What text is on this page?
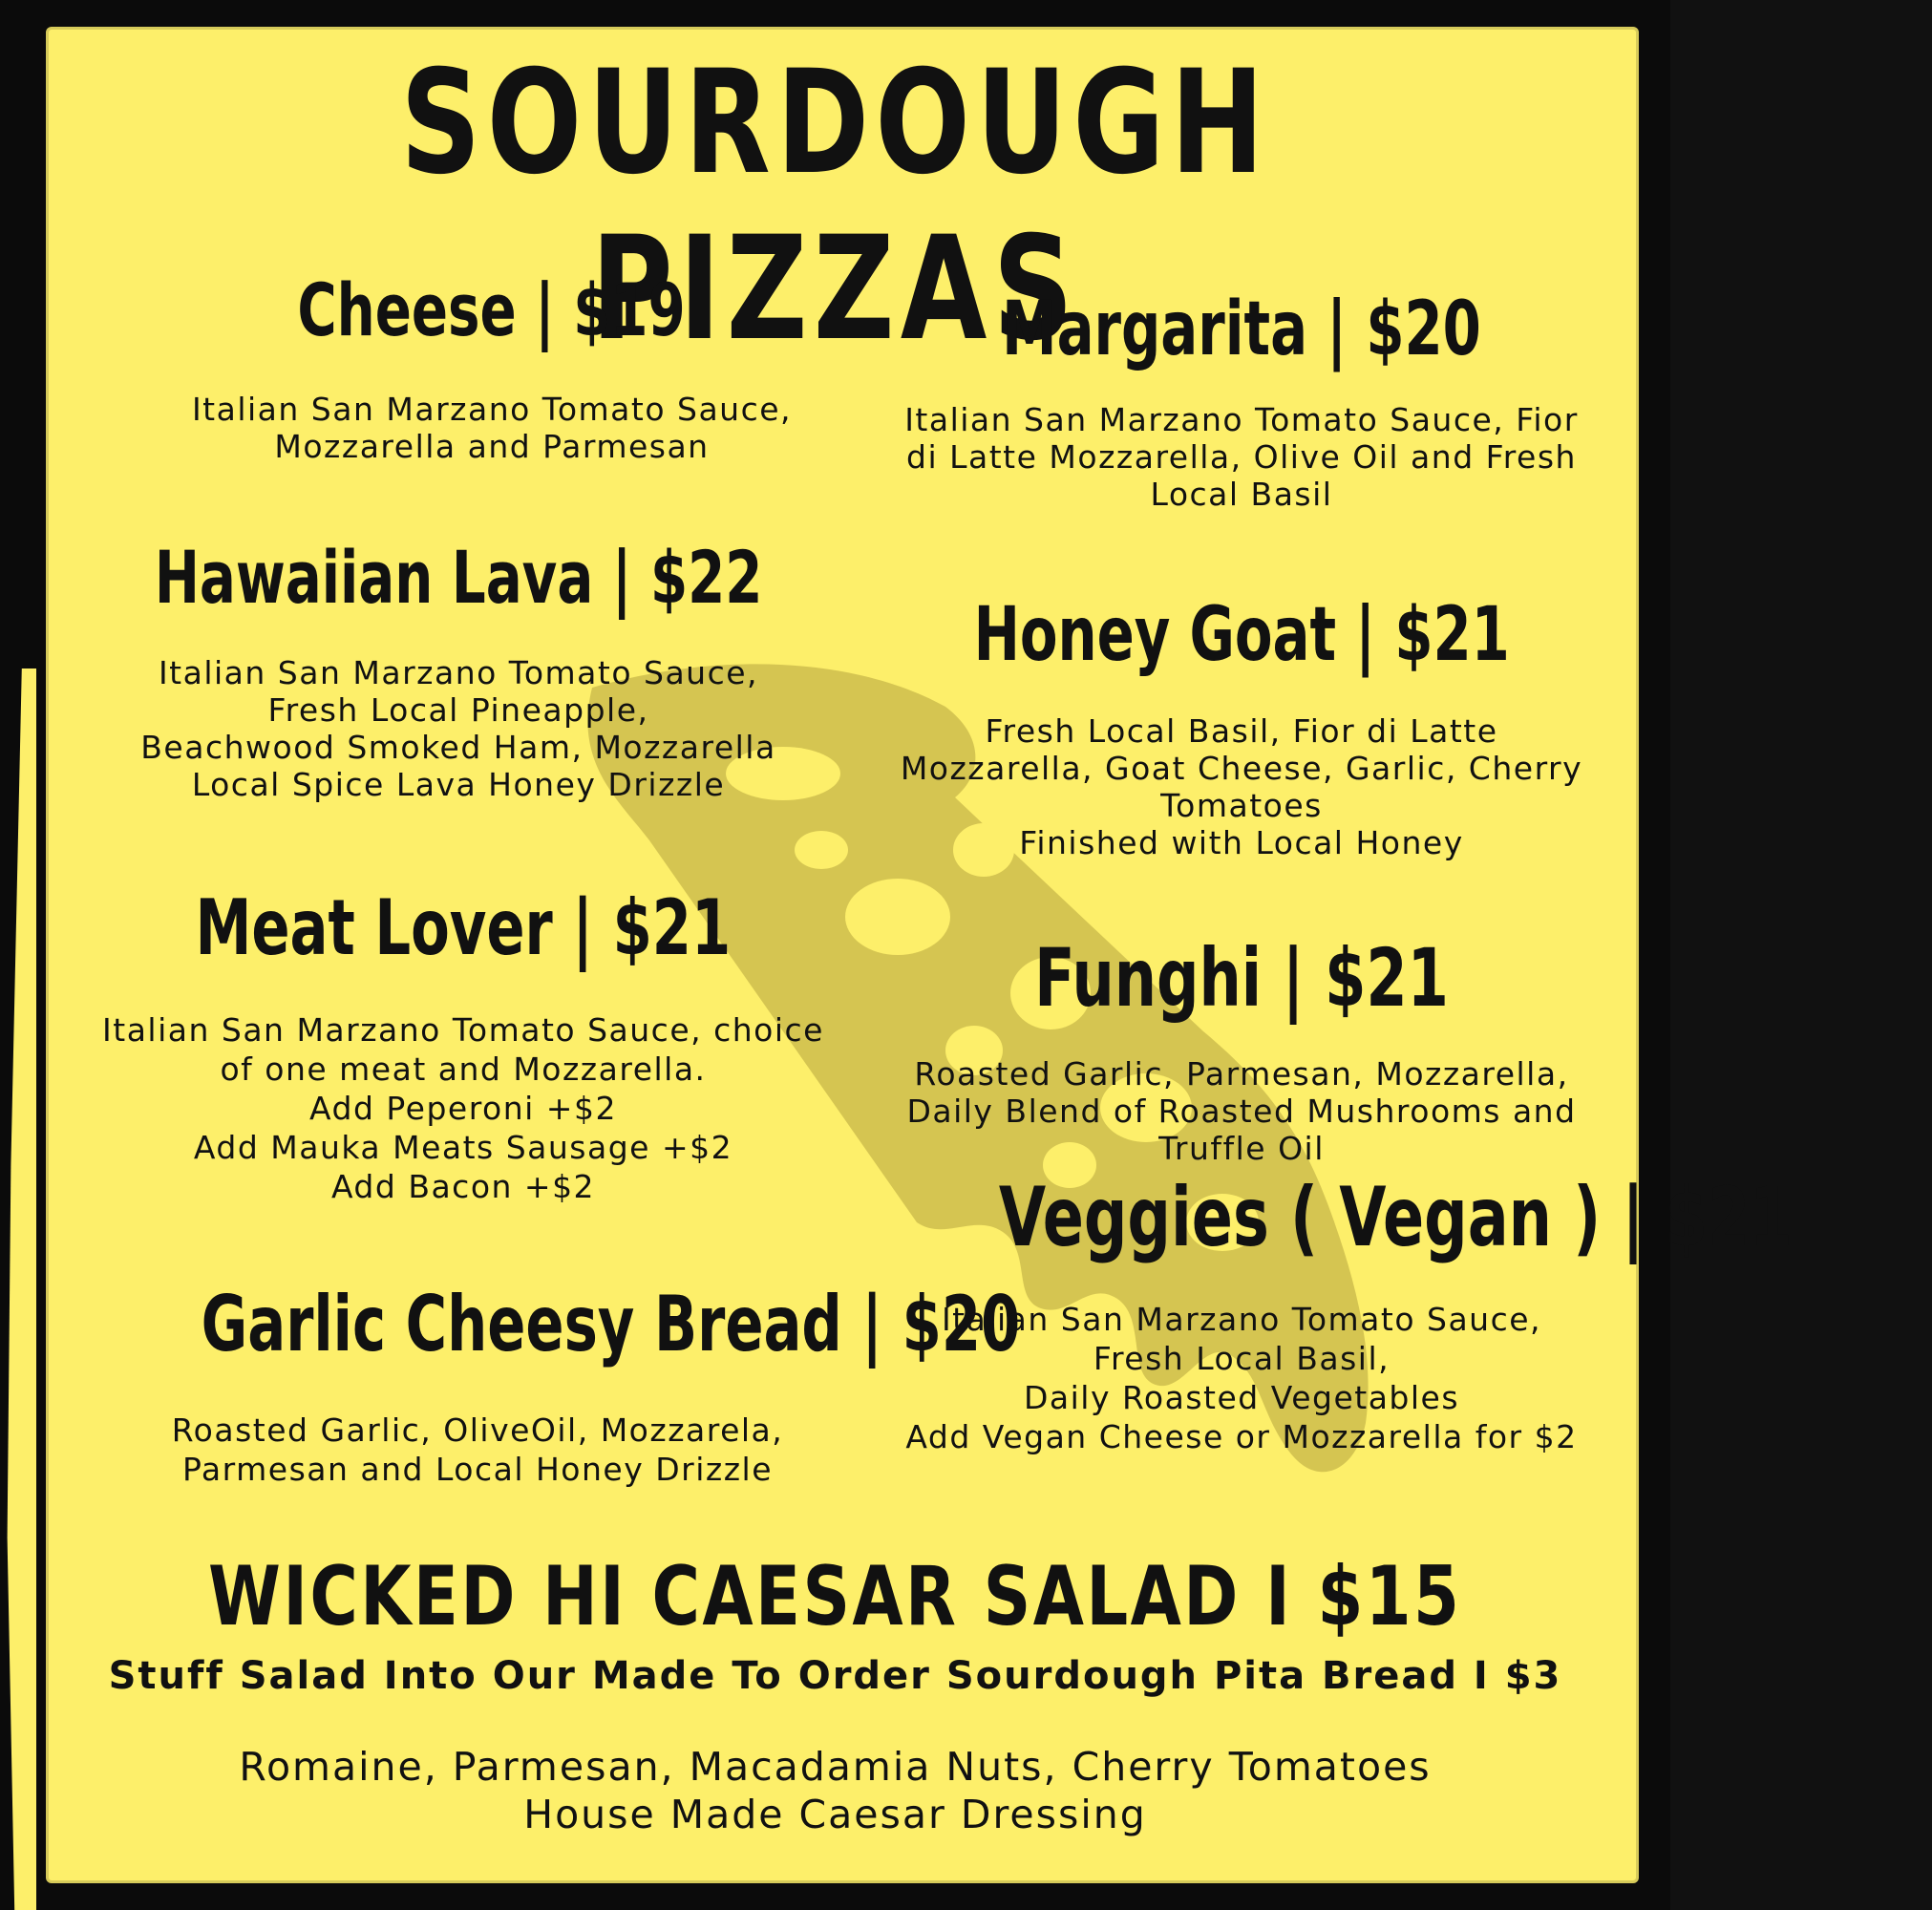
SOURDOUGH PIZZAS
Cheese | $19
Italian San Marzano Tomato Sauce,
Mozzarella and Parmesan
Hawaiian Lava | $22
Italian San Marzano Tomato Sauce,
Fresh Local Pineapple,
Beachwood Smoked Ham, Mozzarella
Local Spice Lava Honey Drizzle
Meat Lover | $21
Italian San Marzano Tomato Sauce, choice
of one meat and Mozzarella.
Add Peperoni +$2
Add Mauka Meats Sausage +$2
Add Bacon +$2
Garlic Cheesy Bread | $20
Roasted Garlic, OliveOil, Mozzarela,
Parmesan and Local Honey Drizzle
Margarita | $20
Italian San Marzano Tomato Sauce, Fior
di Latte Mozzarella, Olive Oil and Fresh
Local Basil
Honey Goat | $21
Fresh Local Basil, Fior di Latte
Mozzarella, Goat Cheese, Garlic, Cherry
Tomatoes
Finished with Local Honey
Funghi | $21
Roasted Garlic, Parmesan, Mozzarella,
Daily Blend of Roasted Mushrooms and
Truffle Oil
Veggies ( Vegan ) | $21
Italian San Marzano Tomato Sauce,
Fresh Local Basil,
Daily Roasted Vegetables
Add Vegan Cheese or Mozzarella for $2
WICKED HI CAESAR SALAD I $15
Stuff Salad Into Our Made To Order Sourdough Pita Bread I $3
Romaine, Parmesan, Macadamia Nuts, Cherry Tomatoes
House Made Caesar Dressing
